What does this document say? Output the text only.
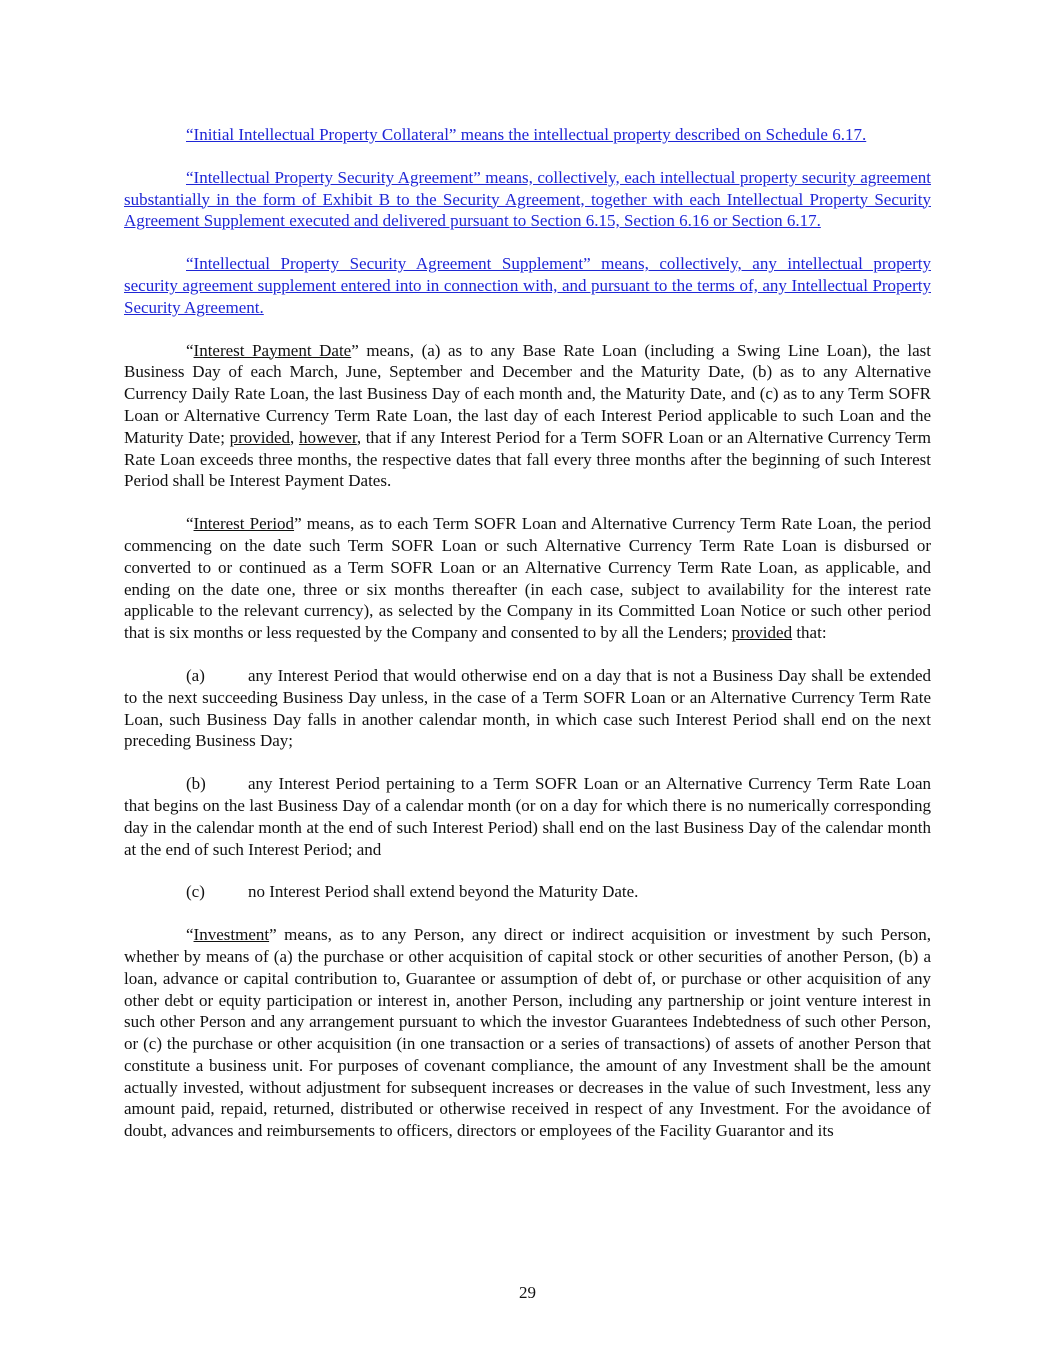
“Initial Intellectual Property Collateral” means the intellectual property described on Schedule 6.17.

“Intellectual Property Security Agreement” means, collectively, each intellectual property security agreement substantially in the form of Exhibit B to the Security Agreement, together with each Intellectual Property Security Agreement Supplement executed and delivered pursuant to Section 6.15, Section 6.16 or Section 6.17.

“Intellectual Property Security Agreement Supplement” means, collectively, any intellectual property security agreement supplement entered into in connection with, and pursuant to the terms of, any Intellectual Property Security Agreement.

“Interest Payment Date” means, (a) as to any Base Rate Loan (including a Swing Line Loan), the last Business Day of each March, June, September and December and the Maturity Date, (b) as to any Alternative Currency Daily Rate Loan, the last Business Day of each month and, the Maturity Date, and (c) as to any Term SOFR Loan or Alternative Currency Term Rate Loan, the last day of each Interest Period applicable to such Loan and the Maturity Date; provided, however, that if any Interest Period for a Term SOFR Loan or an Alternative Currency Term Rate Loan exceeds three months, the respective dates that fall every three months after the beginning of such Interest Period shall be Interest Payment Dates.

“Interest Period” means, as to each Term SOFR Loan and Alternative Currency Term Rate Loan, the period commencing on the date such Term SOFR Loan or such Alternative Currency Term Rate Loan is disbursed or converted to or continued as a Term SOFR Loan or an Alternative Currency Term Rate Loan, as applicable, and ending on the date one, three or six months thereafter (in each case, subject to availability for the interest rate applicable to the relevant currency), as selected by the Company in its Committed Loan Notice or such other period that is six months or less requested by the Company and consented to by all the Lenders; provided that:

(a)	any Interest Period that would otherwise end on a day that is not a Business Day shall be extended to the next succeeding Business Day unless, in the case of a Term SOFR Loan or an Alternative Currency Term Rate Loan, such Business Day falls in another calendar month, in which case such Interest Period shall end on the next preceding Business Day;

(b) any Interest Period pertaining to a Term SOFR Loan or an Alternative Currency Term Rate Loan that begins on the last Business Day of a calendar month (or on a day for which there is no numerically corresponding day in the calendar month at the end of such Interest Period) shall end on the last Business Day of the calendar month at the end of such Interest Period; and

(c)	no Interest Period shall extend beyond the Maturity Date.

“Investment” means, as to any Person, any direct or indirect acquisition or investment by such Person, whether by means of (a) the purchase or other acquisition of capital stock or other securities of another Person, (b) a loan, advance or capital contribution to, Guarantee or assumption of debt of, or purchase or other acquisition of any other debt or equity participation or interest in, another Person, including any partnership or joint venture interest in such other Person and any arrangement pursuant to which the investor Guarantees Indebtedness of such other Person, or (c) the purchase or other acquisition (in one transaction or a series of transactions) of assets of another Person that constitute a business unit. For purposes of covenant compliance, the amount of any Investment shall be the amount actually invested, without adjustment for subsequent increases or decreases in the value of such Investment, less any amount paid, repaid, returned, distributed or otherwise received in respect of any Investment. For the avoidance of doubt, advances and reimbursements to officers, directors or employees of the Facility Guarantor and its

29
